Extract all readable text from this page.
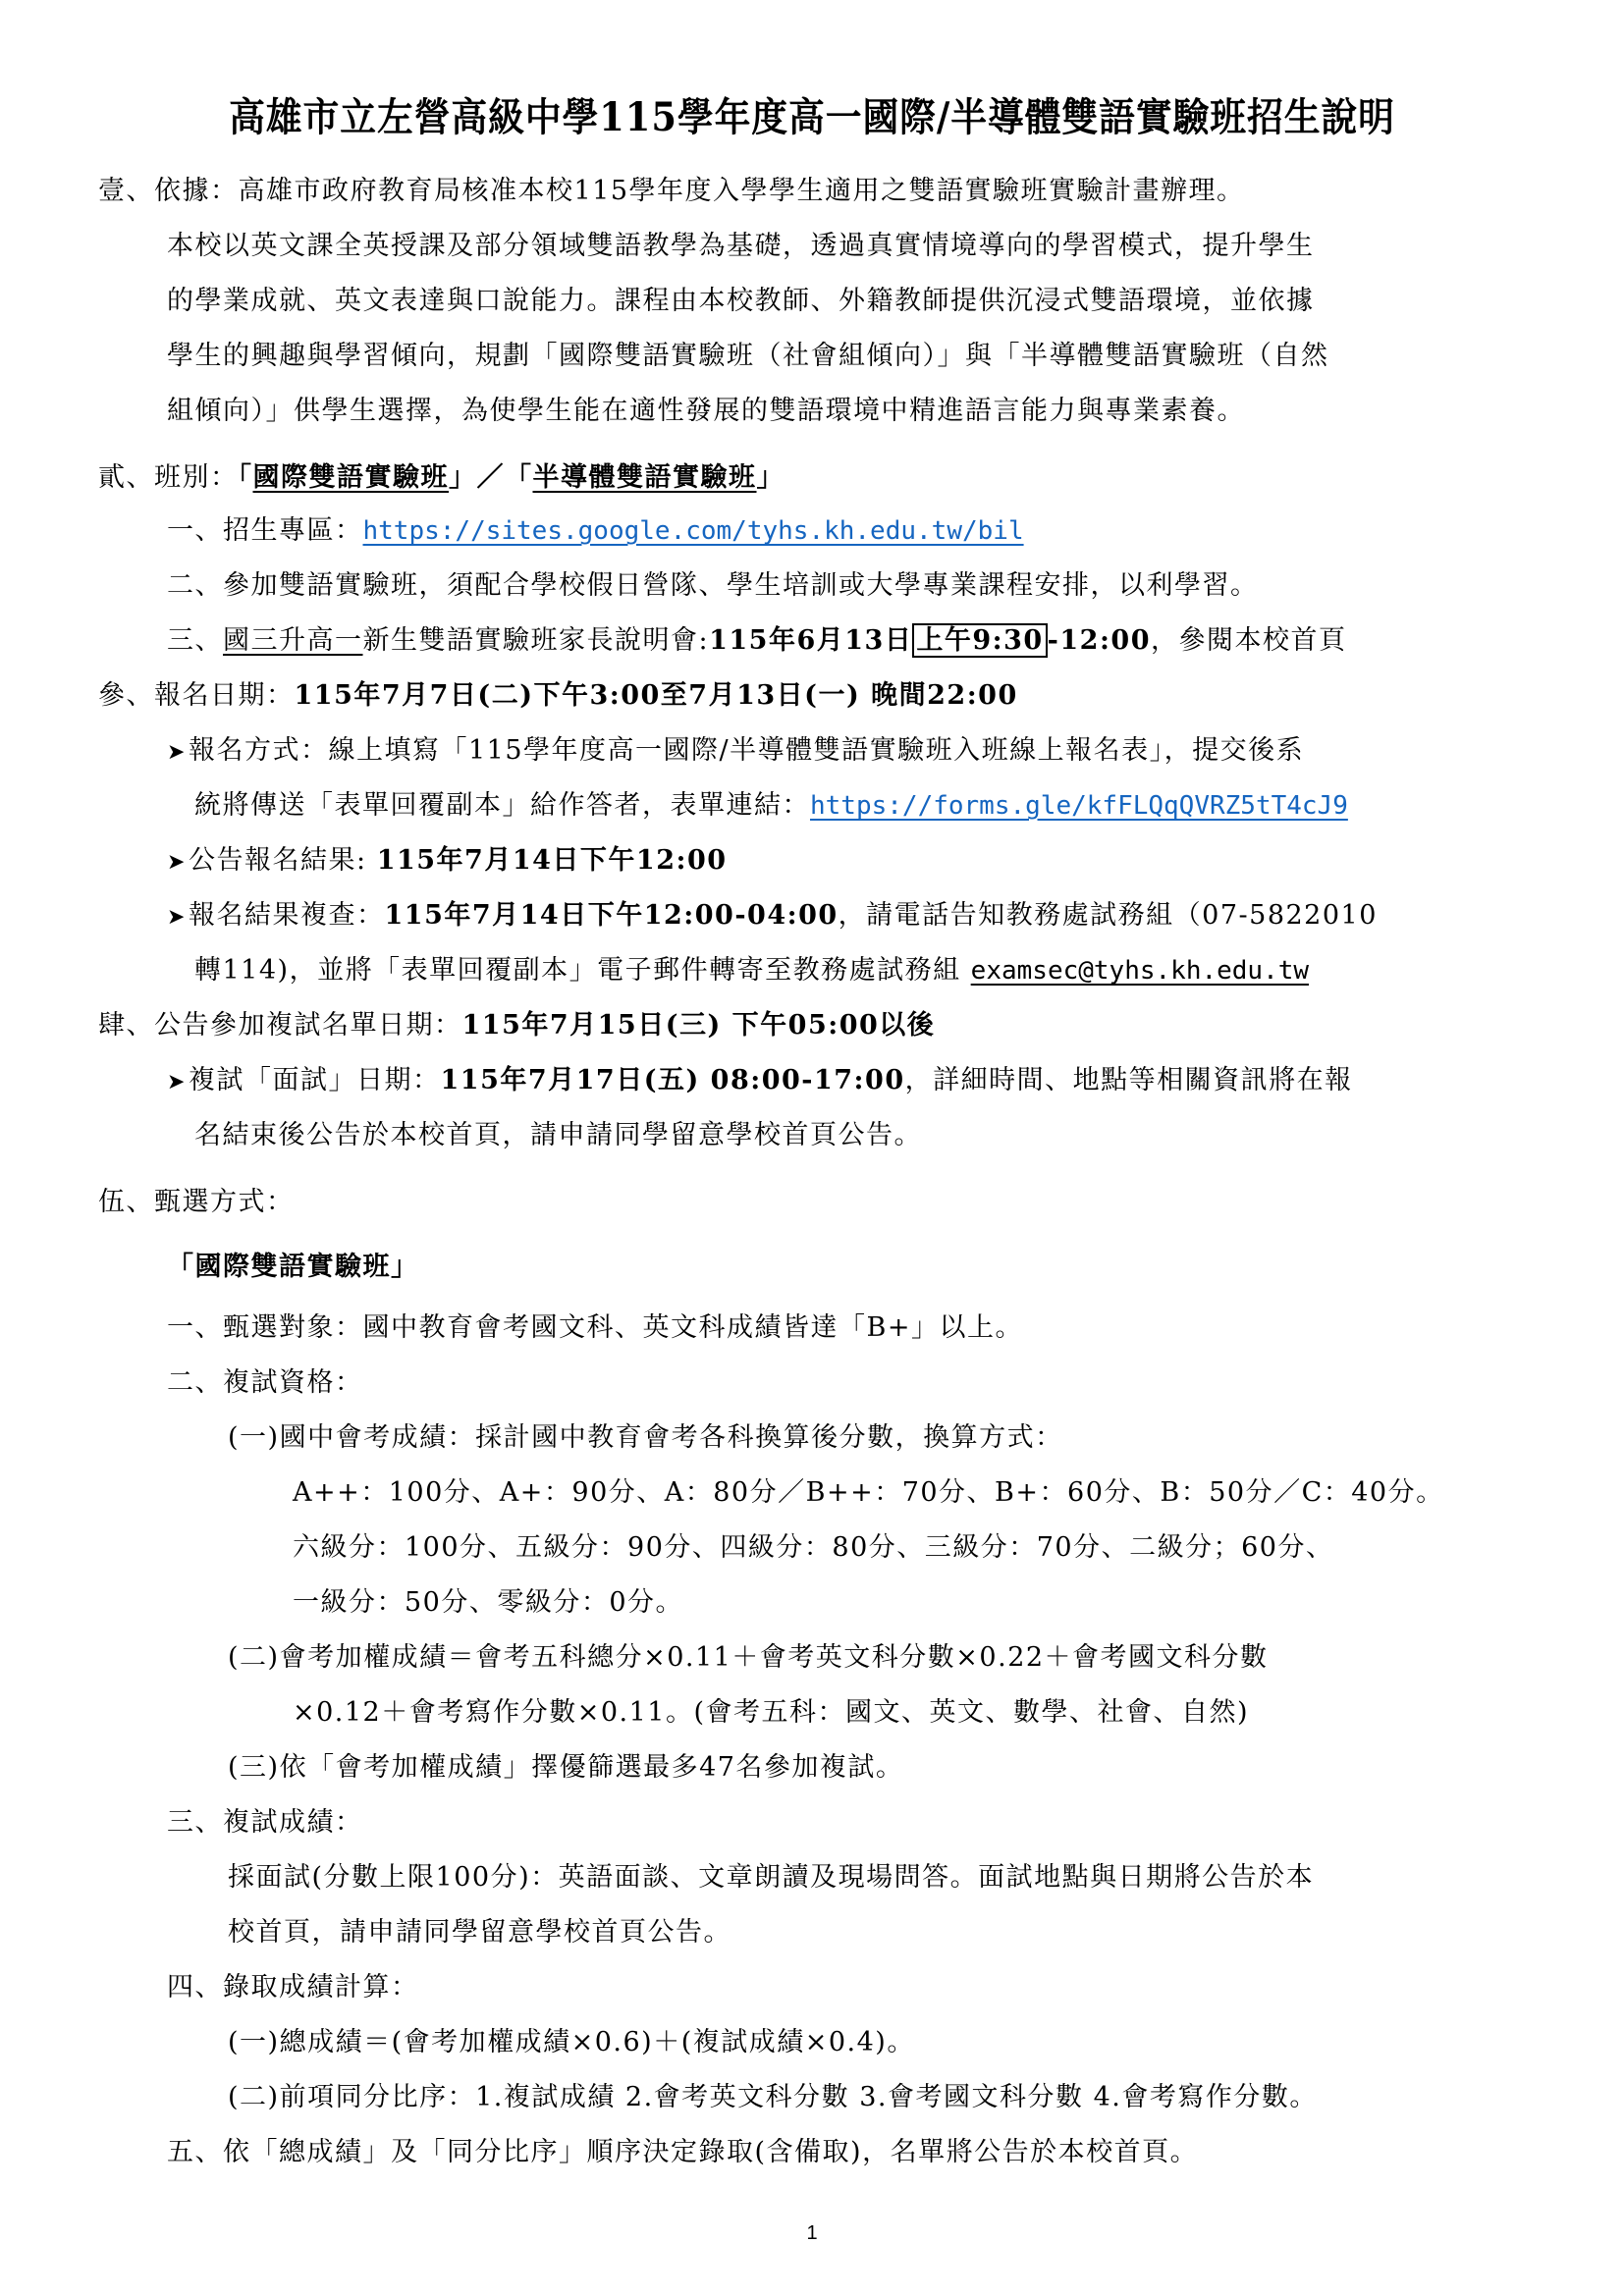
高雄市立左營高級中學115學年度高一國際/半導體雙語實驗班招生說明
壹、依據：高雄市政府教育局核准本校115學年度入學學生適用之雙語實驗班實驗計畫辦理。
本校以英文課全英授課及部分領域雙語教學為基礎，透過真實情境導向的學習模式，提升學生
的學業成就、英文表達與口說能力。課程由本校教師、外籍教師提供沉浸式雙語環境，並依據
學生的興趣與學習傾向，規劃「國際雙語實驗班（社會組傾向）」與「半導體雙語實驗班（自然
組傾向）」供學生選擇，為使學生能在適性發展的雙語環境中精進語言能力與專業素養。
貳、班別：「國際雙語實驗班」／「半導體雙語實驗班」
一、招生專區：https://sites.google.com/tyhs.kh.edu.tw/bil
二、參加雙語實驗班，須配合學校假日營隊、學生培訓或大學專業課程安排，以利學習。
三、國三升高一新生雙語實驗班家長說明會:115年6月13日 上午9:30 -12:00，參閱本校首頁
參、報名日期：115年7月7日(二)下午3:00至7月13日(一) 晚間22:00
➤報名方式：線上填寫「115學年度高一國際/半導體雙語實驗班入班線上報名表」，提交後系
統將傳送「表單回覆副本」給作答者，表單連結：https://forms.gle/kfFLQqQVRZ5tT4cJ9
➤公告報名結果: 115年7月14日下午12:00
➤報名結果複查：115年7月14日下午12:00-04:00，請電話告知教務處試務組（07-5822010
轉114)，並將「表單回覆副本」電子郵件轉寄至教務處試務組 examsec@tyhs.kh.edu.tw
肆、公告參加複試名單日期：115年7月15日(三) 下午05:00以後
➤複試「面試」日期：115年7月17日(五) 08:00-17:00，詳細時間、地點等相關資訊將在報
名結束後公告於本校首頁，請申請同學留意學校首頁公告。
伍、甄選方式：
「國際雙語實驗班」
一、甄選對象：國中教育會考國文科、英文科成績皆達「B+」以上。
二、複試資格：
(一)國中會考成績：採計國中教育會考各科換算後分數，換算方式：
A++：100分、A+：90分、A：80分／B++：70分、B+：60分、B：50分／C：40分。
六級分：100分、五級分：90分、四級分：80分、三級分：70分、二級分；60分、
一級分：50分、零級分：0分。
(二)會考加權成績＝會考五科總分×0.11＋會考英文科分數×0.22＋會考國文科分數
×0.12＋會考寫作分數×0.11。(會考五科：國文、英文、數學、社會、自然)
(三)依「會考加權成績」擇優篩選最多47名參加複試。
三、複試成績：
採面試(分數上限100分)：英語面談、文章朗讀及現場問答。面試地點與日期將公告於本
校首頁，請申請同學留意學校首頁公告。
四、錄取成績計算：
(一)總成績＝(會考加權成績×0.6)＋(複試成績×0.4)。
(二)前項同分比序：1.複試成績 2.會考英文科分數 3.會考國文科分數 4.會考寫作分數。
五、依「總成績」及「同分比序」順序決定錄取(含備取)，名單將公告於本校首頁。
1
